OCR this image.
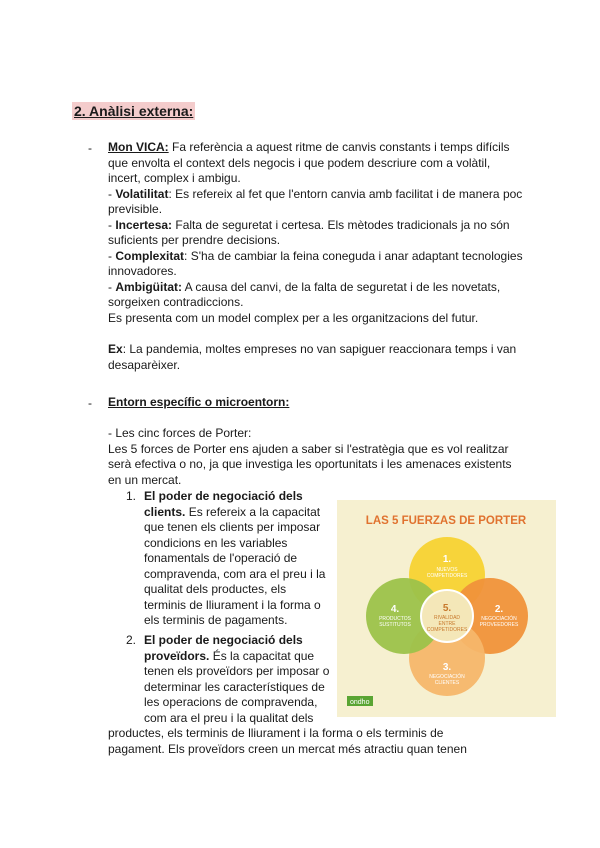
2. Anàlisi externa:
- Mon VICA: Fa referència a aquest ritme de canvis constants i temps difícils

que envolta el context dels negocis i que podem descriure com a volàtil,

incert, complex i ambigu.

- Volatilitat: Es refereix al fet que l'entorn canvia amb facilitat i de manera poc

previsible.

- Incertesa: Falta de seguretat i certesa. Els mètodes tradicionals ja no són

suficients per prendre decisions.

- Complexitat: S'ha de cambiar la feina coneguda i anar adaptant tecnologies

innovadores.

- Ambigüitat: A causa del canvi, de la falta de seguretat i de les novetats,

sorgeixen contradiccions.

Es presenta com un model complex per a les organitzacions del futur.

Ex: La pandemia, moltes empreses no van sapiguer reaccionara temps i van

desaparèixer.

- Entorn específic o microentorn:

- Les cinc forces de Porter:

Les 5 forces de Porter ens ajuden a saber si l'estratègia que es vol realitzar

serà efectiva o no, ja que investiga les oportunitats i les amenaces existents

en un mercat.

1. El poder de negociació dels

clients. Es refereix a la capacitat

que tenen els clients per imposar

condicions en les variables

fonamentals de l'operació de

compravenda, com ara el preu i la

qualitat dels productes, els

terminis de lliurament i la forma o

els terminis de pagaments.

2. El poder de negociació dels

proveïdors. És la capacitat que

tenen els proveïdors per imposar o

determinar les característiques de

les operacions de compravenda,

com ara el preu i la qualitat dels

productes, els terminis de lliurament i la forma o els terminis de

pagament. Els proveïdors creen un mercat més atractiu quan tenen

LAS 5 FUERZAS DE PORTER
1.
NUEVOS
COMPETIDORES
2.
NEGOCIACIÓN
PROVEEDORES
3.
NEGOCIACIÓN
CLIENTES
4.
PRODUCTOS
SUSTITUTOS
5.
RIVALIDAD
ENTRE
COMPETIDORES
ondho
